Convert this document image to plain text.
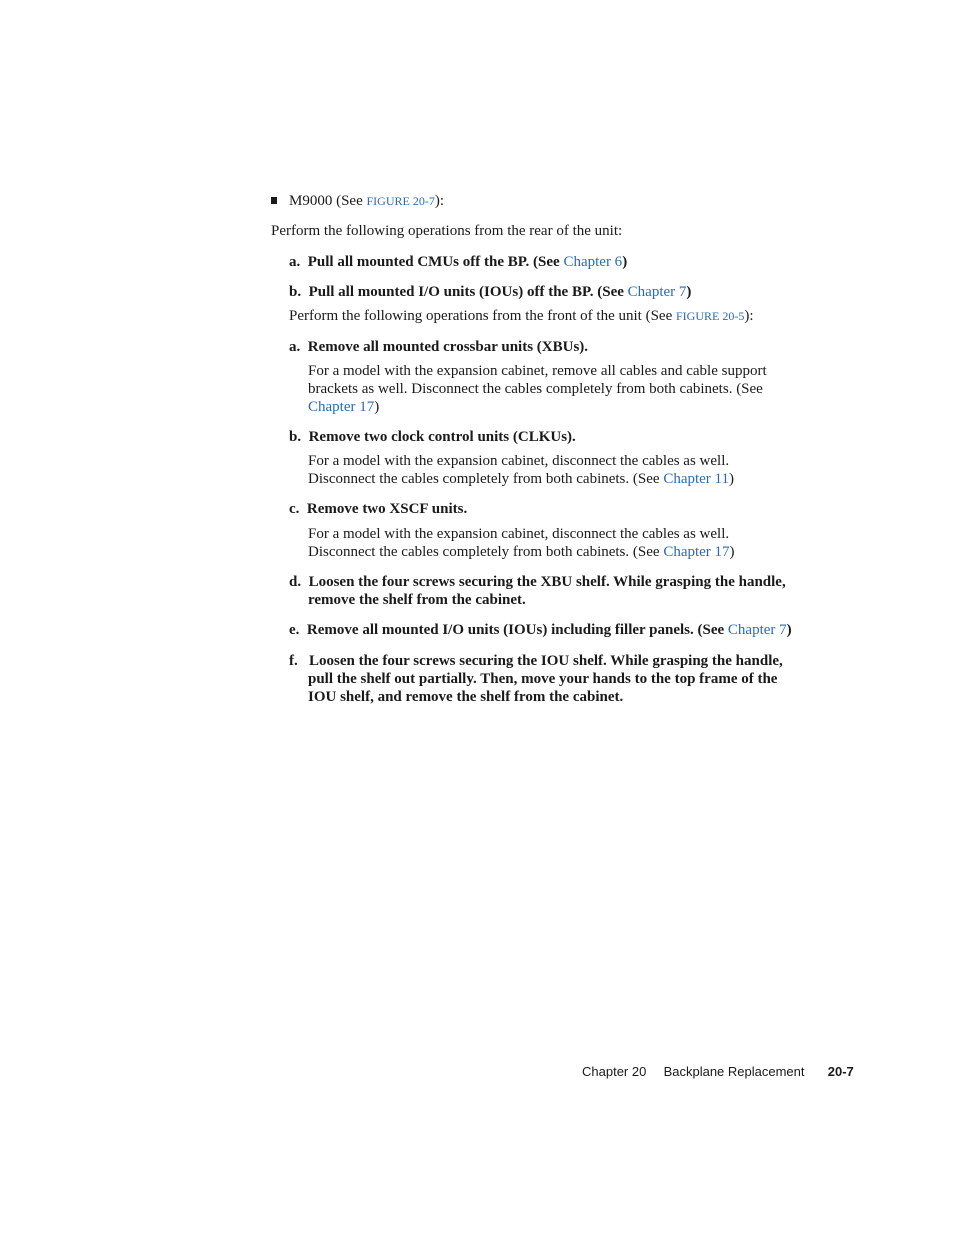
M9000 (See FIGURE 20-7):
Perform the following operations from the rear of the unit:
a. Pull all mounted CMUs off the BP. (See Chapter 6)
b. Pull all mounted I/O units (IOUs) off the BP. (See Chapter 7)
Perform the following operations from the front of the unit (See FIGURE 20-5):
a. Remove all mounted crossbar units (XBUs).
For a model with the expansion cabinet, remove all cables and cable support
brackets as well. Disconnect the cables completely from both cabinets. (See
Chapter 17)
b. Remove two clock control units (CLKUs).
For a model with the expansion cabinet, disconnect the cables as well.
Disconnect the cables completely from both cabinets. (See Chapter 11)
c. Remove two XSCF units.
For a model with the expansion cabinet, disconnect the cables as well.
Disconnect the cables completely from both cabinets. (See Chapter 17)
d. Loosen the four screws securing the XBU shelf. While grasping the handle,
remove the shelf from the cabinet.
e. Remove all mounted I/O units (IOUs) including filler panels. (See Chapter 7)
f. Loosen the four screws securing the IOU shelf. While grasping the handle,
pull the shelf out partially. Then, move your hands to the top frame of the
IOU shelf, and remove the shelf from the cabinet.
Chapter 20 Backplane Replacement 20-7
